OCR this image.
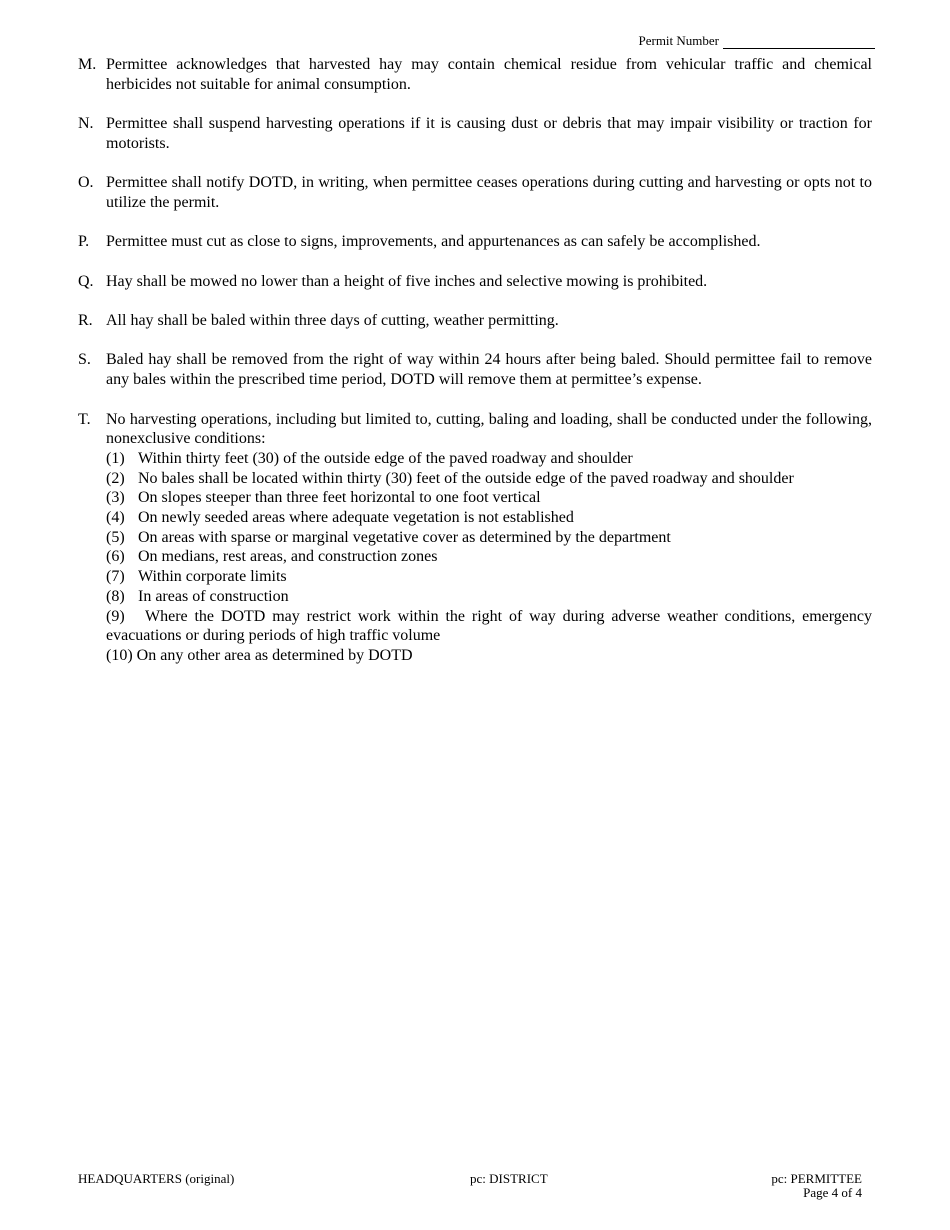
Permit Number
M. Permittee acknowledges that harvested hay may contain chemical residue from vehicular traffic and chemical herbicides not suitable for animal consumption.
N. Permittee shall suspend harvesting operations if it is causing dust or debris that may impair visibility or traction for motorists.
O. Permittee shall notify DOTD, in writing, when permittee ceases operations during cutting and harvesting or opts not to utilize the permit.
P.	Permittee must cut as close to signs, improvements, and appurtenances as can safely be accomplished.
Q. Hay shall be mowed no lower than a height of five inches and selective mowing is prohibited.
R. All hay shall be baled within three days of cutting, weather permitting.
S. Baled hay shall be removed from the right of way within 24 hours after being baled. Should permittee fail to remove any bales within the prescribed time period, DOTD will remove them at permittee’s expense.
T. No harvesting operations, including but limited to, cutting, baling and loading, shall be conducted under the following, nonexclusive conditions:
(1) Within thirty feet (30) of the outside edge of the paved roadway and shoulder
(2) No bales shall be located within thirty (30) feet of the outside edge of the paved roadway and shoulder
(3) On slopes steeper than three feet horizontal to one foot vertical
(4) On newly seeded areas where adequate vegetation is not established
(5) On areas with sparse or marginal vegetative cover as determined by the department
(6) On medians, rest areas, and construction zones
(7) Within corporate limits
(8) In areas of construction
(9) Where the DOTD may restrict work within the right of way during adverse weather conditions, emergency evacuations or during periods of high traffic volume
(10) On any other area as determined by DOTD
HEADQUARTERS (original)	pc: DISTRICT	pc: PERMITTEE
Page 4 of 4
